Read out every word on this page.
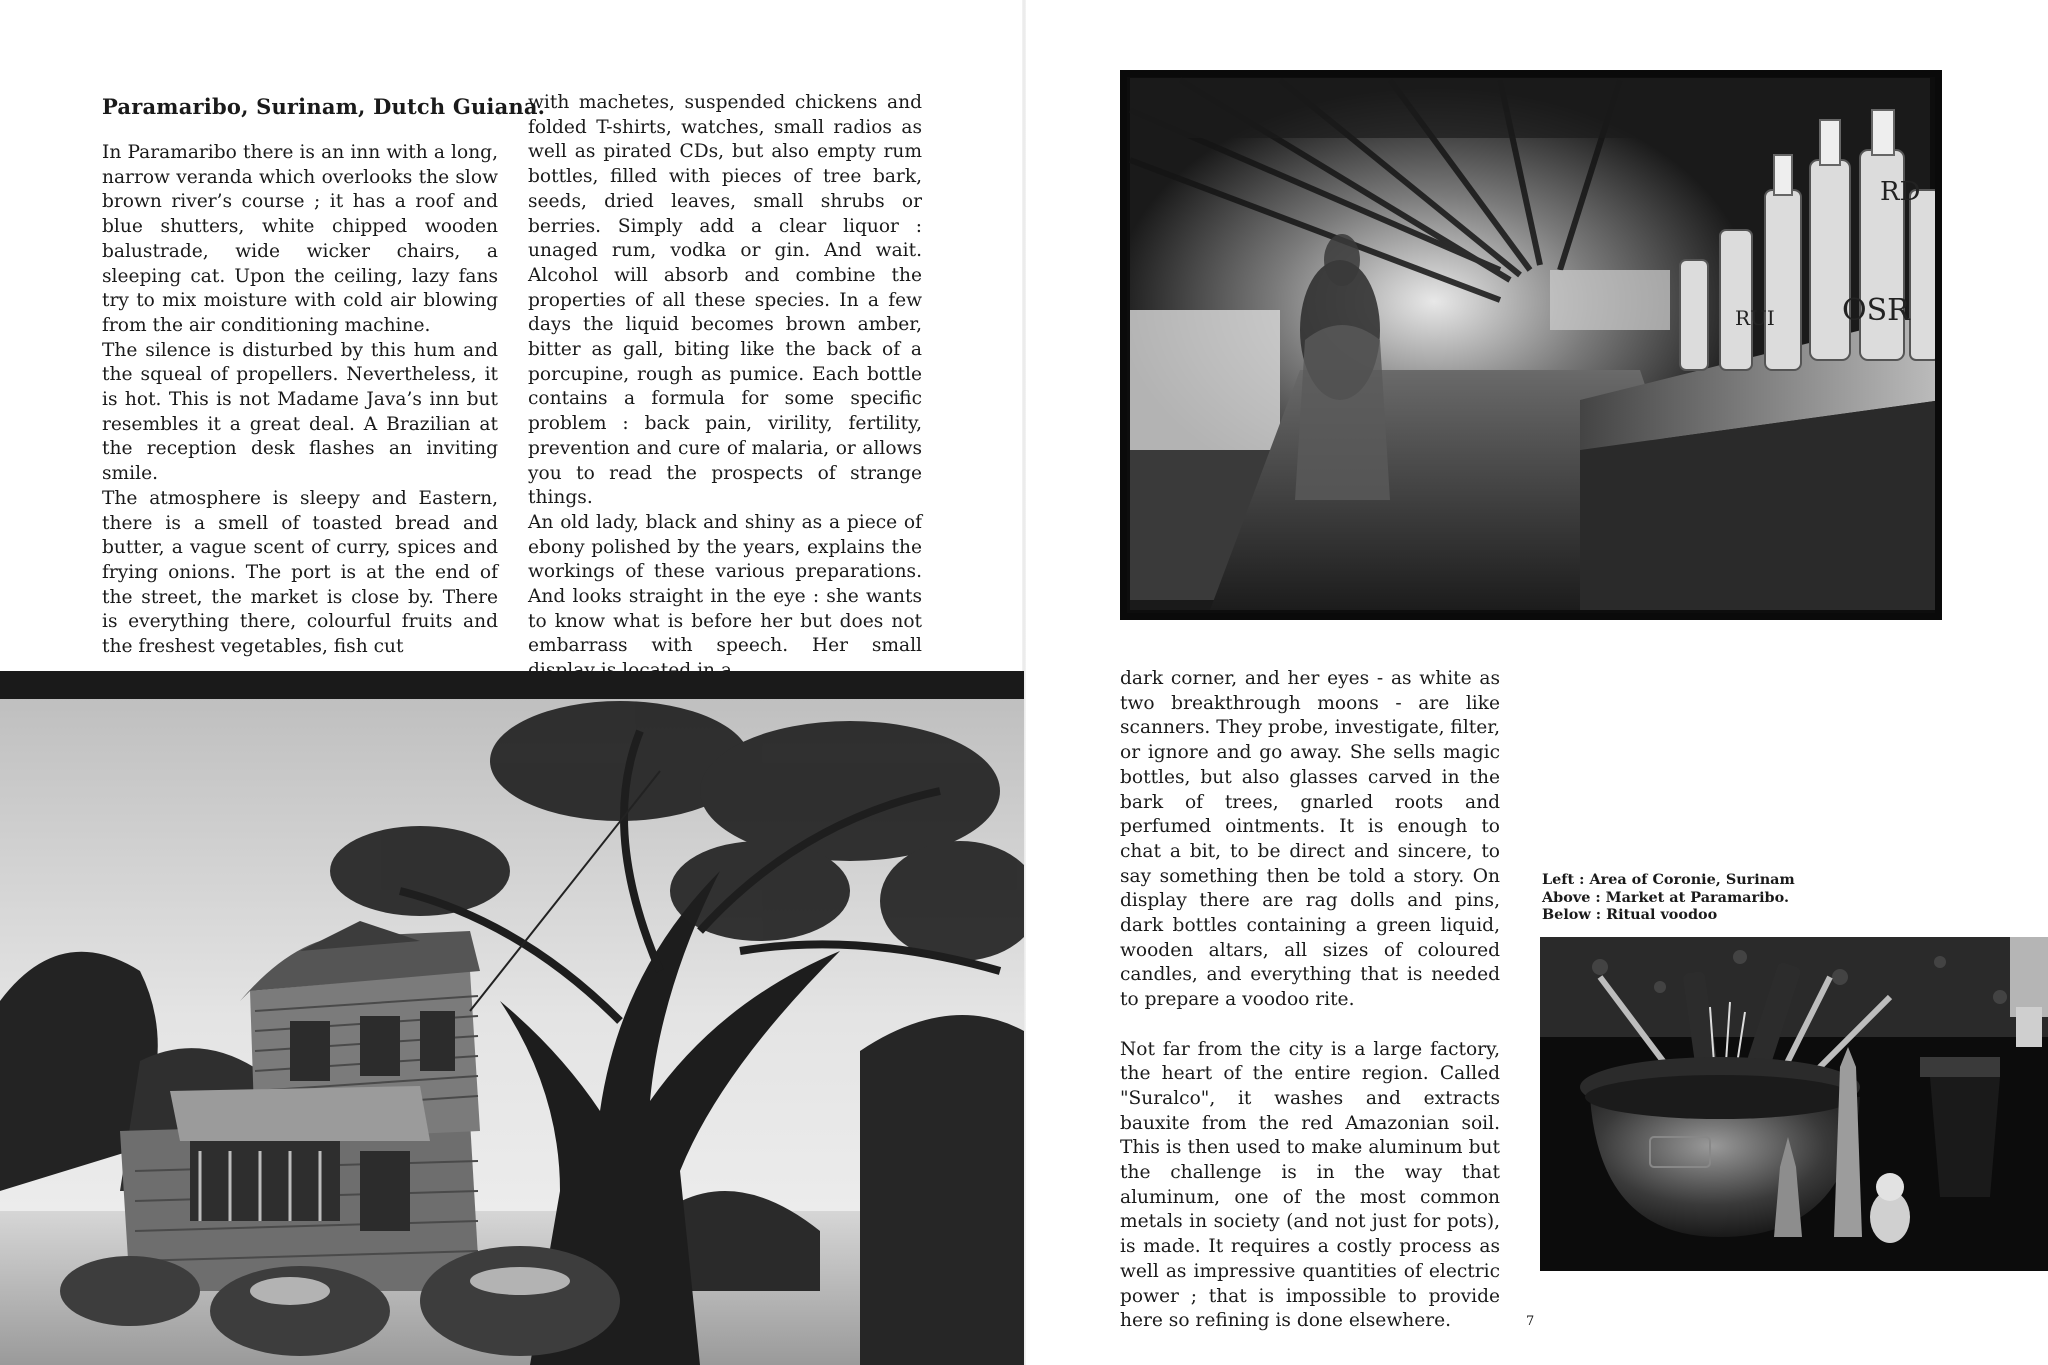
Paramaribo, Surinam, Dutch Guiana.

In Paramaribo there is an inn with a long, narrow veranda which overlooks the slow brown river’s course ; it has a roof and blue shutters, white chipped wooden balustrade, wide wicker chairs, a sleeping cat. Upon the ceiling, lazy fans try to mix moisture with cold air blowing from the air conditioning machine.

The silence is disturbed by this hum and the squeal of propellers. Nevertheless, it is hot. This is not Madame Java’s inn but resembles it a great deal. A Brazilian at the reception desk flashes an inviting smile.

The atmosphere is sleepy and Eastern, there is a smell of toasted bread and butter, a vague scent of curry, spices and frying onions. The port is at the end of the street, the market is close by. There is everything there, colourful fruits and the freshest vegetables, fish cut

with machetes, suspended chickens and folded T-shirts, watches, small radios as well as pirated CDs, but also empty rum bottles, filled with pieces of tree bark, seeds, dried leaves, small shrubs or berries. Simply add a clear liquor : unaged rum, vodka or gin. And wait. Alcohol will absorb and combine the properties of all these species. In a few days the liquid becomes brown amber, bitter as gall, biting like the back of a porcupine, rough as pumice. Each bottle contains a formula for some specific problem : back pain, virility, fertility, prevention and cure of malaria, or allows you to read the prospects of strange things.

An old lady, black and shiny as a piece of ebony polished by the years, explains the workings of these various preparations. And looks straight in the eye : she wants to know what is before her but does not embarrass with speech. Her small

OSR
RD
RUI

dark corner, and her eyes - as white as two breakthrough moons - are like scanners. They probe, investigate, filter, or ignore and go away. She sells magic bottles, but also glasses carved in the bark of trees, gnarled roots and perfumed ointments. It is enough to chat a bit, to be direct and sincere, to say something then be told a story. On display there are rag dolls and pins, dark bottles containing a green liquid, wooden altars, all sizes of coloured candles, and everything that is needed to prepare a voodoo rite.

Not far from the city is a large factory, the heart of the entire region. Called "Suralco", it washes and extracts bauxite from the red Amazonian soil. This is then used to make aluminum but the challenge is in the way that aluminum, one of the most common metals in society (and not just for pots), is made. It requires a costly process as well as impressive quantities of electric power ; that is impossible to provide here so refining is done elsewhere.

Left : Area of Coronie, Surinam
Above : Market at Paramaribo.
Below : Ritual voodoo
7
